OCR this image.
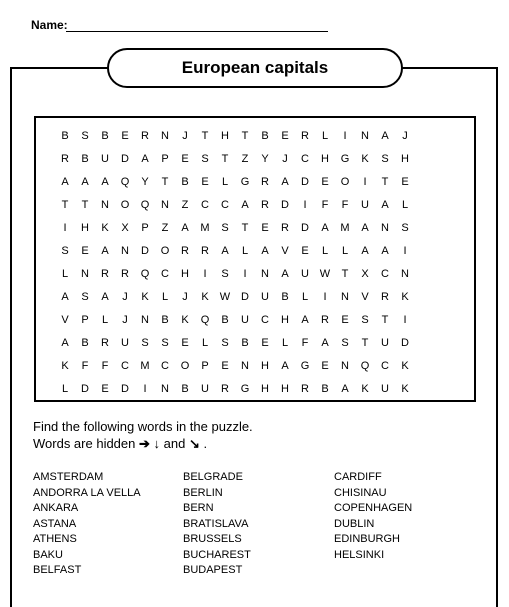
Name:
European capitals
B	S	B	E	R	N	J	T	H	T	B	E	R	L	I	N	A	J
R	B	U	D	A	P	E	S	T	Z	Y	J	C	H	G	K	S	H
A	A	A	Q	Y	T	B	E	L	G	R	A	D	E	O	I	T	E
T	T	N	O	Q	N	Z	C	C	A	R	D	I	F	F	U	A	L
I	H	K	X	P	Z	A	M	S	T	E	R	D	A	M	A	N	S
S	E	A	N	D	O	R	R	A	L	A	V	E	L	L	A	A	I
L	N	R	R	Q	C	H	I	S	I	N	A	U W	T	X	C	N
A	S	A	J	K	L	J	K	W D	U	B	L	I	N	V	R	K
V	P	L	J	N	B	K	Q	B	U	C	H	A	R	E	S	T	I
A	B	R	U	S	S	E	L	S	B	E	L	F	A	S	T	U	D
K	F	F	C	M	C	O	P	E	N	H	A	G	E	N	Q	C	K
L	D	E	D	I	N	B	U	R	G	H	H	R	B	A	K	U	K
Find the following words in the puzzle.
Words are hidden ➔ ↓ and ↘ .
AMSTERDAM
ANDORRA LA VELLA
ANKARA
ASTANA
ATHENS
BAKU
BELFAST
BELGRADE
BERLIN
BERN
BRATISLAVA
BRUSSELS
BUCHAREST
BUDAPEST
CARDIFF
CHISINAU
COPENHAGEN
DUBLIN
EDINBURGH
HELSINKI
